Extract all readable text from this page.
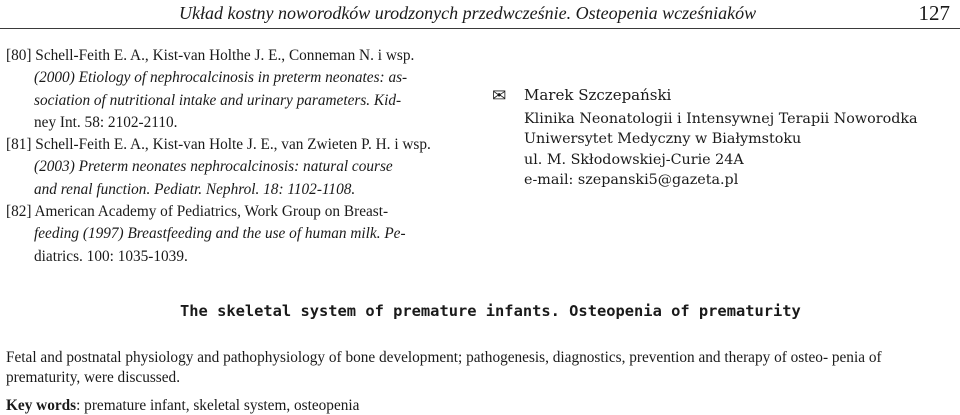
Układ kostny noworodków urodzonych przedwcześnie. Osteopenia wcześniaków	127
[80] Schell-Feith E. A., Kist-van Holthe J. E., Conneman N. i wsp.
(2000) Etiology of nephrocalcinosis in preterm neonates: as-
sociation of nutritional intake and urinary parameters. Kid-
ney Int. 58: 2102-2110.
[81] Schell-Feith E. A., Kist-van Holte J. E., van Zwieten P. H. i wsp.
(2003) Preterm neonates nephrocalcinosis: natural course
and renal function. Pediatr. Nephrol. 18: 1102-1108.
[82] American Academy of Pediatrics, Work Group on Breast-
feeding (1997) Breastfeeding and the use of human milk. Pe-
diatrics. 100: 1035-1039.
✉ Marek Szczepański
Klinika Neonatologii i Intensywnej Terapii Noworodka
Uniwersytet Medyczny w Białymstoku
ul. M. Skłodowskiej-Curie 24A
e-mail: szepanski5@gazeta.pl
The skeletal system of premature infants. Osteopenia of prematurity
Fetal and postnatal physiology and pathophysiology of bone development; pathogenesis, diagnostics, prevention and therapy of osteo- penia of prematurity, were discussed.
Key words: premature infant, skeletal system, osteopenia
